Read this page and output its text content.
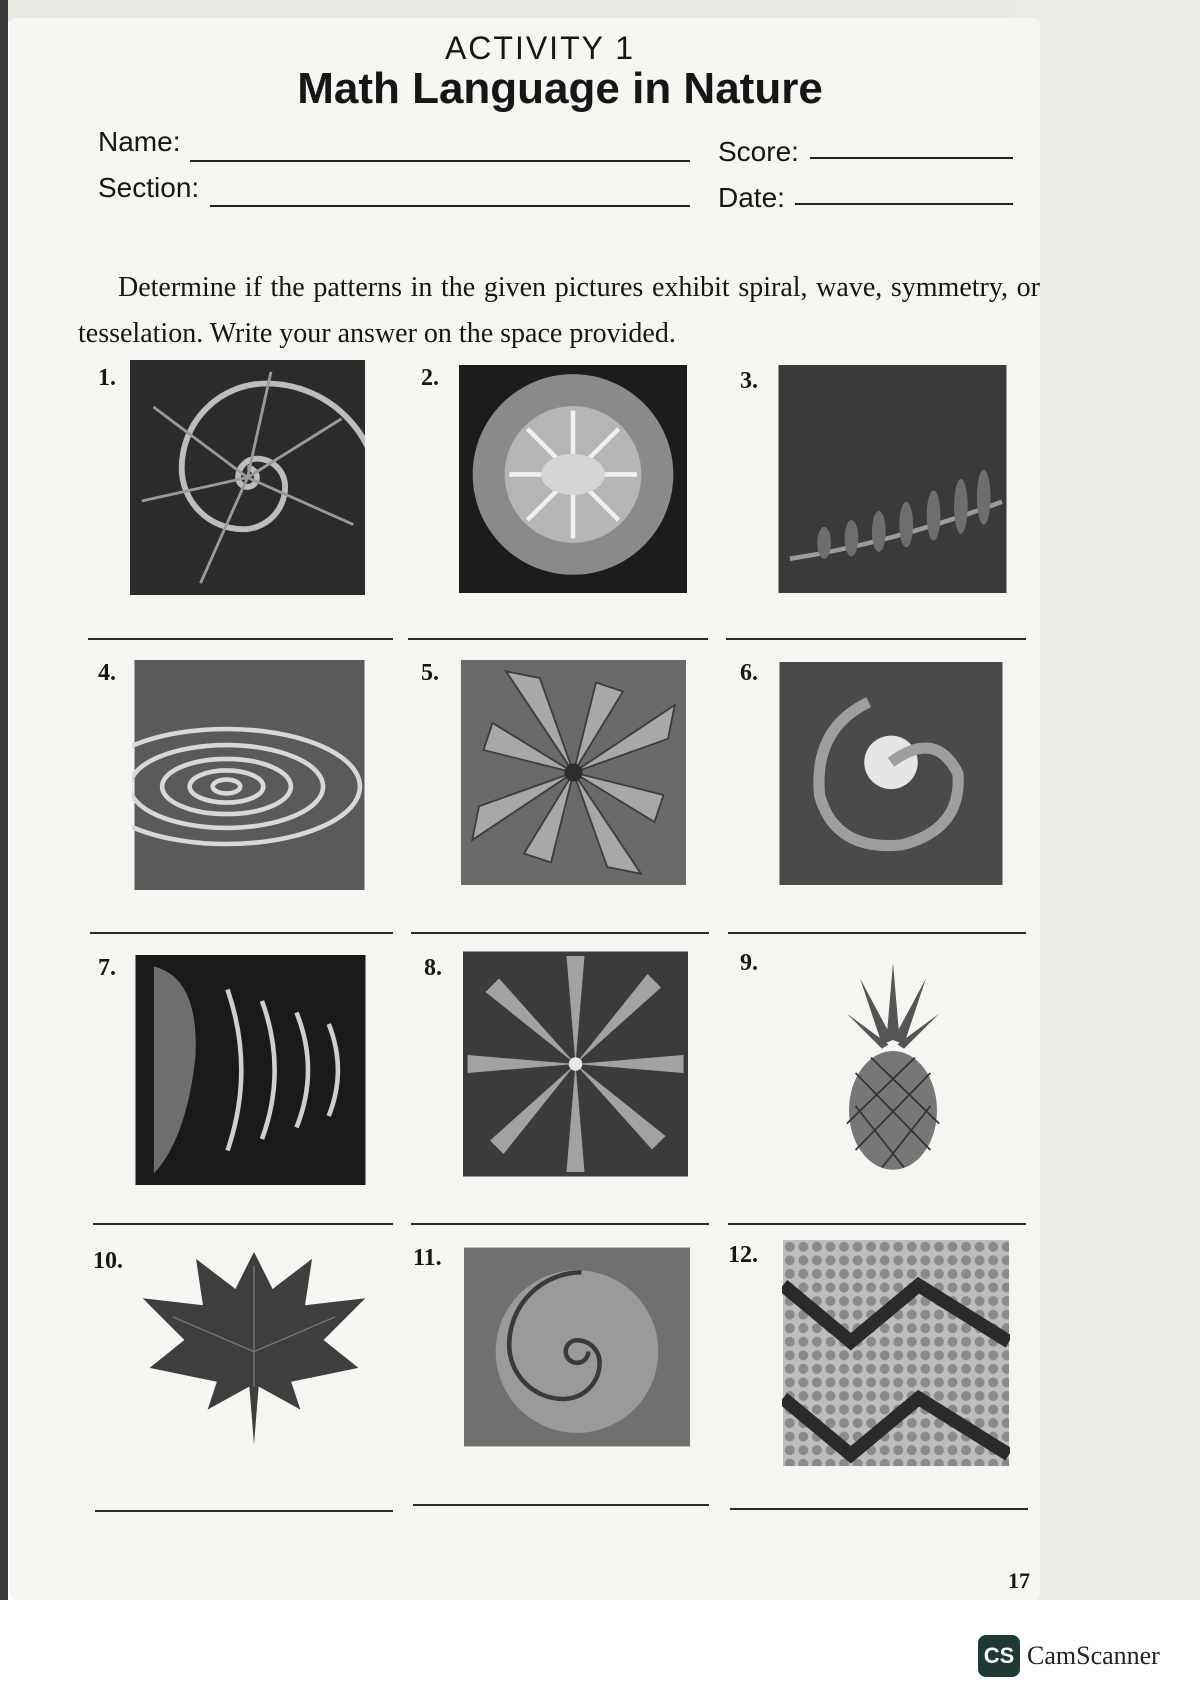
ACTIVITY 1
Math Language in Nature
Name:
Section:
Score:
Date:
Determine if the patterns in the given pictures exhibit spiral, wave, symmetry, or tesselation. Write your answer on the space provided.
1.	2.	3.
4.	5.	6.
7.	8.	9.
10.	11.	12.
17
CS CamScanner
